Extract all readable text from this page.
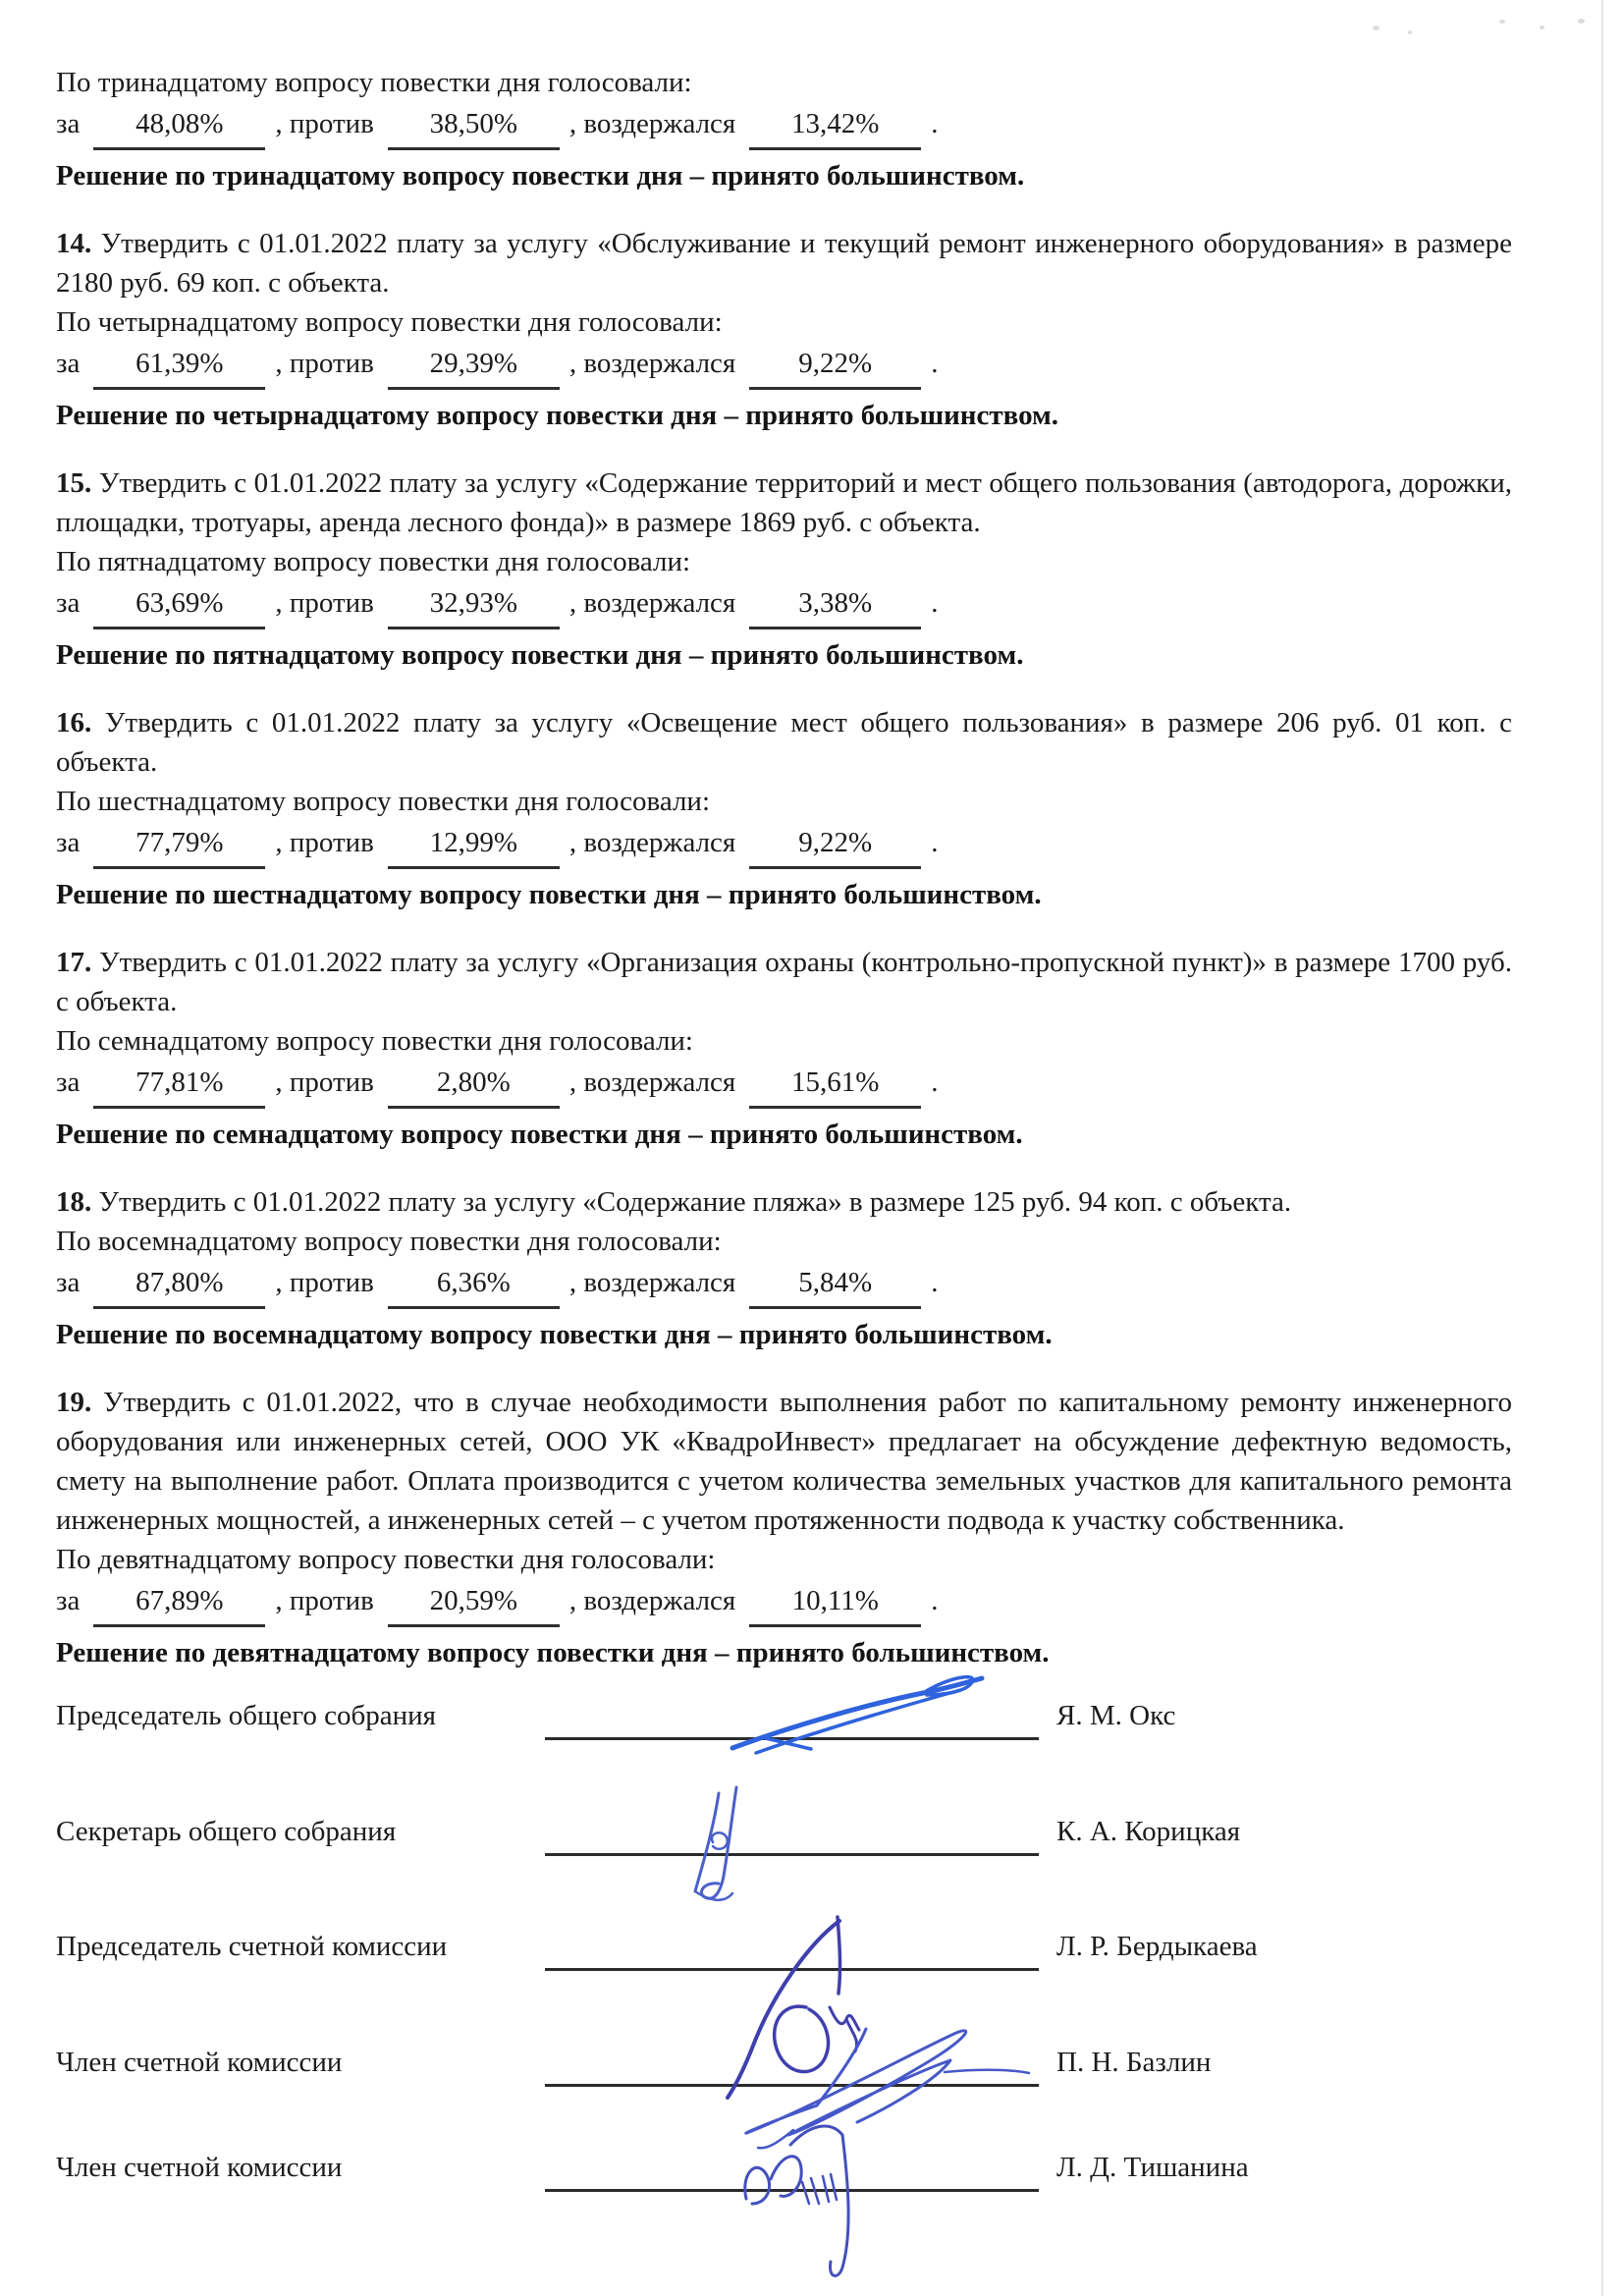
По тринадцатому вопросу повестки дня голосовали:

за 48,08% , против 38,50% , воздержался 13,42% .

Решение по тринадцатому вопросу повестки дня – принято большинством.

14. Утвердить с 01.01.2022 плату за услугу «Обслуживание и текущий ремонт инженерного оборудования» в размере 2180 руб. 69 коп. с объекта.

По четырнадцатому вопросу повестки дня голосовали:

за 61,39% , против 29,39% , воздержался 9,22% .

Решение по четырнадцатому вопросу повестки дня – принято большинством.

15. Утвердить с 01.01.2022 плату за услугу «Содержание территорий и мест общего пользования (автодорога, дорожки, площадки, тротуары, аренда лесного фонда)» в размере 1869 руб. с объекта.

По пятнадцатому вопросу повестки дня голосовали:

за 63,69% , против 32,93% , воздержался 3,38% .

Решение по пятнадцатому вопросу повестки дня – принято большинством.

16. Утвердить с 01.01.2022 плату за услугу «Освещение мест общего пользования» в размере 206 руб. 01 коп. с объекта.

По шестнадцатому вопросу повестки дня голосовали:

за 77,79% , против 12,99% , воздержался 9,22% .

Решение по шестнадцатому вопросу повестки дня – принято большинством.

17. Утвердить с 01.01.2022 плату за услугу «Организация охраны (контрольно-пропускной пункт)» в размере 1700 руб. с объекта.

По семнадцатому вопросу повестки дня голосовали:

за 77,81% , против 2,80% , воздержался 15,61% .

Решение по семнадцатому вопросу повестки дня – принято большинством.

18. Утвердить с 01.01.2022 плату за услугу «Содержание пляжа» в размере 125 руб. 94 коп. с объекта.

По восемнадцатому вопросу повестки дня голосовали:

за 87,80% , против 6,36% , воздержался 5,84% .

Решение по восемнадцатому вопросу повестки дня – принято большинством.

19. Утвердить с 01.01.2022, что в случае необходимости выполнения работ по капитальному ремонту инженерного оборудования или инженерных сетей, ООО УК «КвадроИнвест» предлагает на обсуждение дефектную ведомость, смету на выполнение работ. Оплата производится с учетом количества земельных участков для капитального ремонта инженерных мощностей, а инженерных сетей – с учетом протяженности подвода к участку собственника.

По девятнадцатому вопросу повестки дня голосовали:

за 67,89% , против 20,59% , воздержался 10,11% .

Решение по девятнадцатому вопросу повестки дня – принято большинством.

Председатель общего собрания	Я. М. Окс
Секретарь общего собрания	К. А. Корицкая
Председатель счетной комиссии	Л. Р. Бердыкаева
Член счетной комиссии	П. Н. Базлин
Член счетной комиссии	Л. Д. Тишанина
